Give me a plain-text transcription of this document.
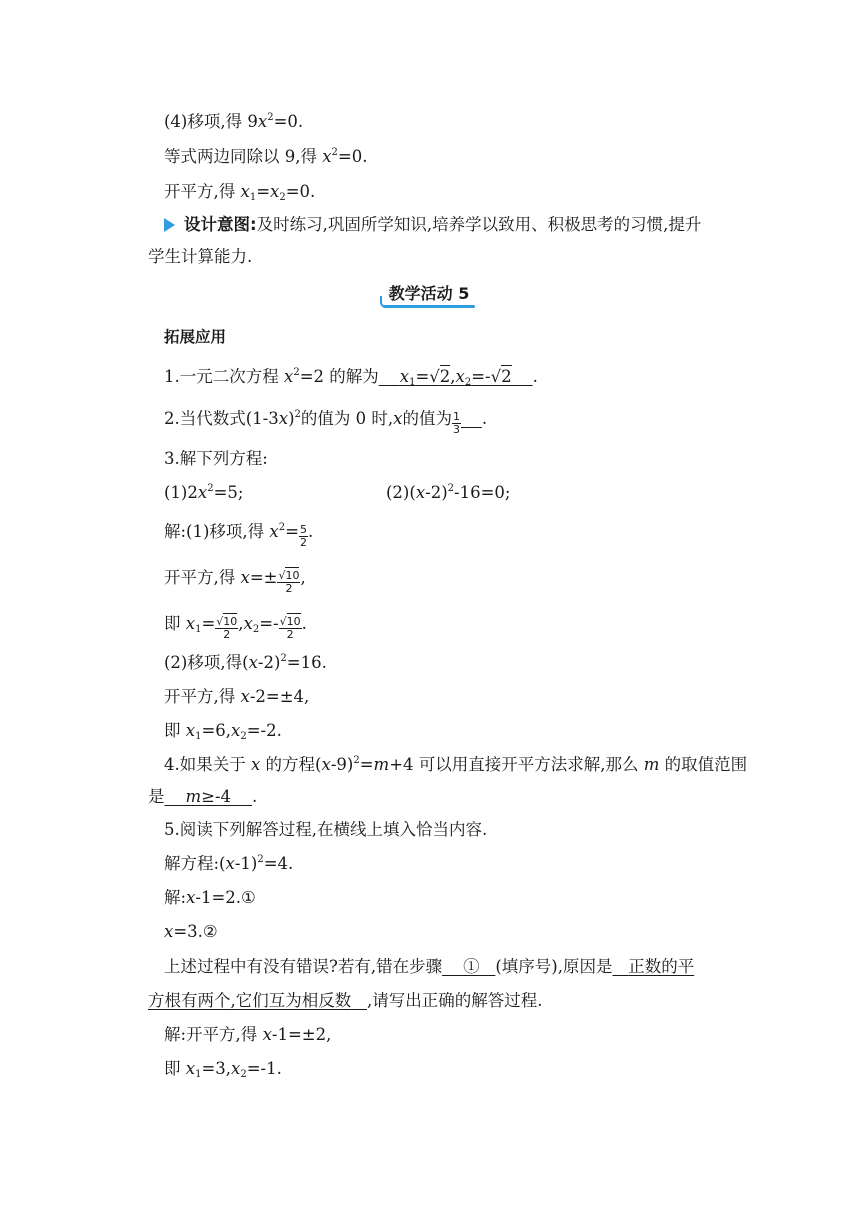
(4)移项,得 $9x^2=0$.
等式两边同除以 9,得 $x^2=0$.
开平方,得 $x_1=x_2=0$.
设计意图:及时练习,巩固所学知识,培养学以致用、积极思考的习惯,提升
学生计算能力.
教学活动 5
拓展应用
1.一元二次方程 $x^2=2$ 的解为 $x_1=√2,x_2=-√2$ .
2.当代数式$(1-3x)^2$的值为 0 时,x的值为 $\frac{1}{3}$ .
3.解下列方程:
$(1)2x^2=5$;	$(2)(x-2)^2-16=0$;
解:(1)移项,得 $x^2= \frac{5}{2}$ .
开平方,得 $x=\pm \frac{√10}{2}$ ,
即 $x_1= \frac{√10}{2} ,x_2=- \frac{√10}{2}$ .
(2)移项,得$(x-2)^2=16$.
开平方,得 x-2=±4,
即 $x_1=6,x_2=-2$.
4.如果关于 x 的方程$(x-9)^2=m+4$ 可以用直接开平方法求解,那么 m 的取值范围
是 m≥-4 .
5.阅读下列解答过程,在横线上填入恰当内容.
解方程$:(x-1)^2=4$.
解:x-1=2.①
x=3.②
上述过程中有没有错误?若有,错在步骤 ① (填序号),原因是 正数的平
方根有两个,它们互为相反数 ,请写出正确的解答过程.
解:开平方,得 x-1=±2,
即 $x_1=3,x_2=-1$.
